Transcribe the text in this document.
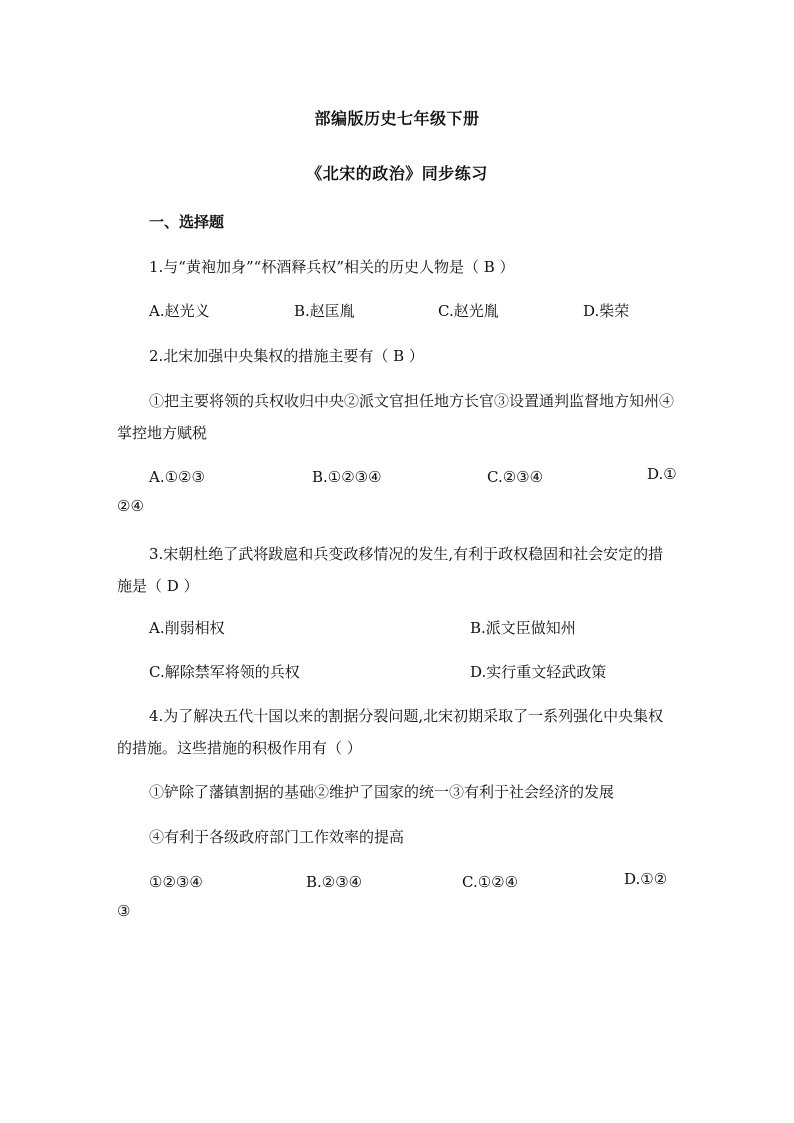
部编版历史七年级下册
《北宋的政治》同步练习
一、选择题
1.与“黄袍加身”“杯酒释兵权”相关的历史人物是（ B ）
A.赵光义	B.赵匡胤	C.赵光胤	D.柴荣
2.北宋加强中央集权的措施主要有（ B ）
①把主要将领的兵权收归中央②派文官担任地方长官③设置通判监督地方知州④掌控地方赋税
A.①②③	B.①②③④	C.②③④	D.①②④
3.宋朝杜绝了武将跋扈和兵变政移情况的发生,有利于政权稳固和社会安定的措施是（ D ）
A.削弱相权	B.派文臣做知州
C.解除禁军将领的兵权	D.实行重文轻武政策
4.为了解决五代十国以来的割据分裂问题,北宋初期采取了一系列强化中央集权的措施。这些措施的积极作用有（ ）
①铲除了藩镇割据的基础②维护了国家的统一③有利于社会经济的发展
④有利于各级政府部门工作效率的提高
①②③④	B.②③④	C.①②④	D.①②③
